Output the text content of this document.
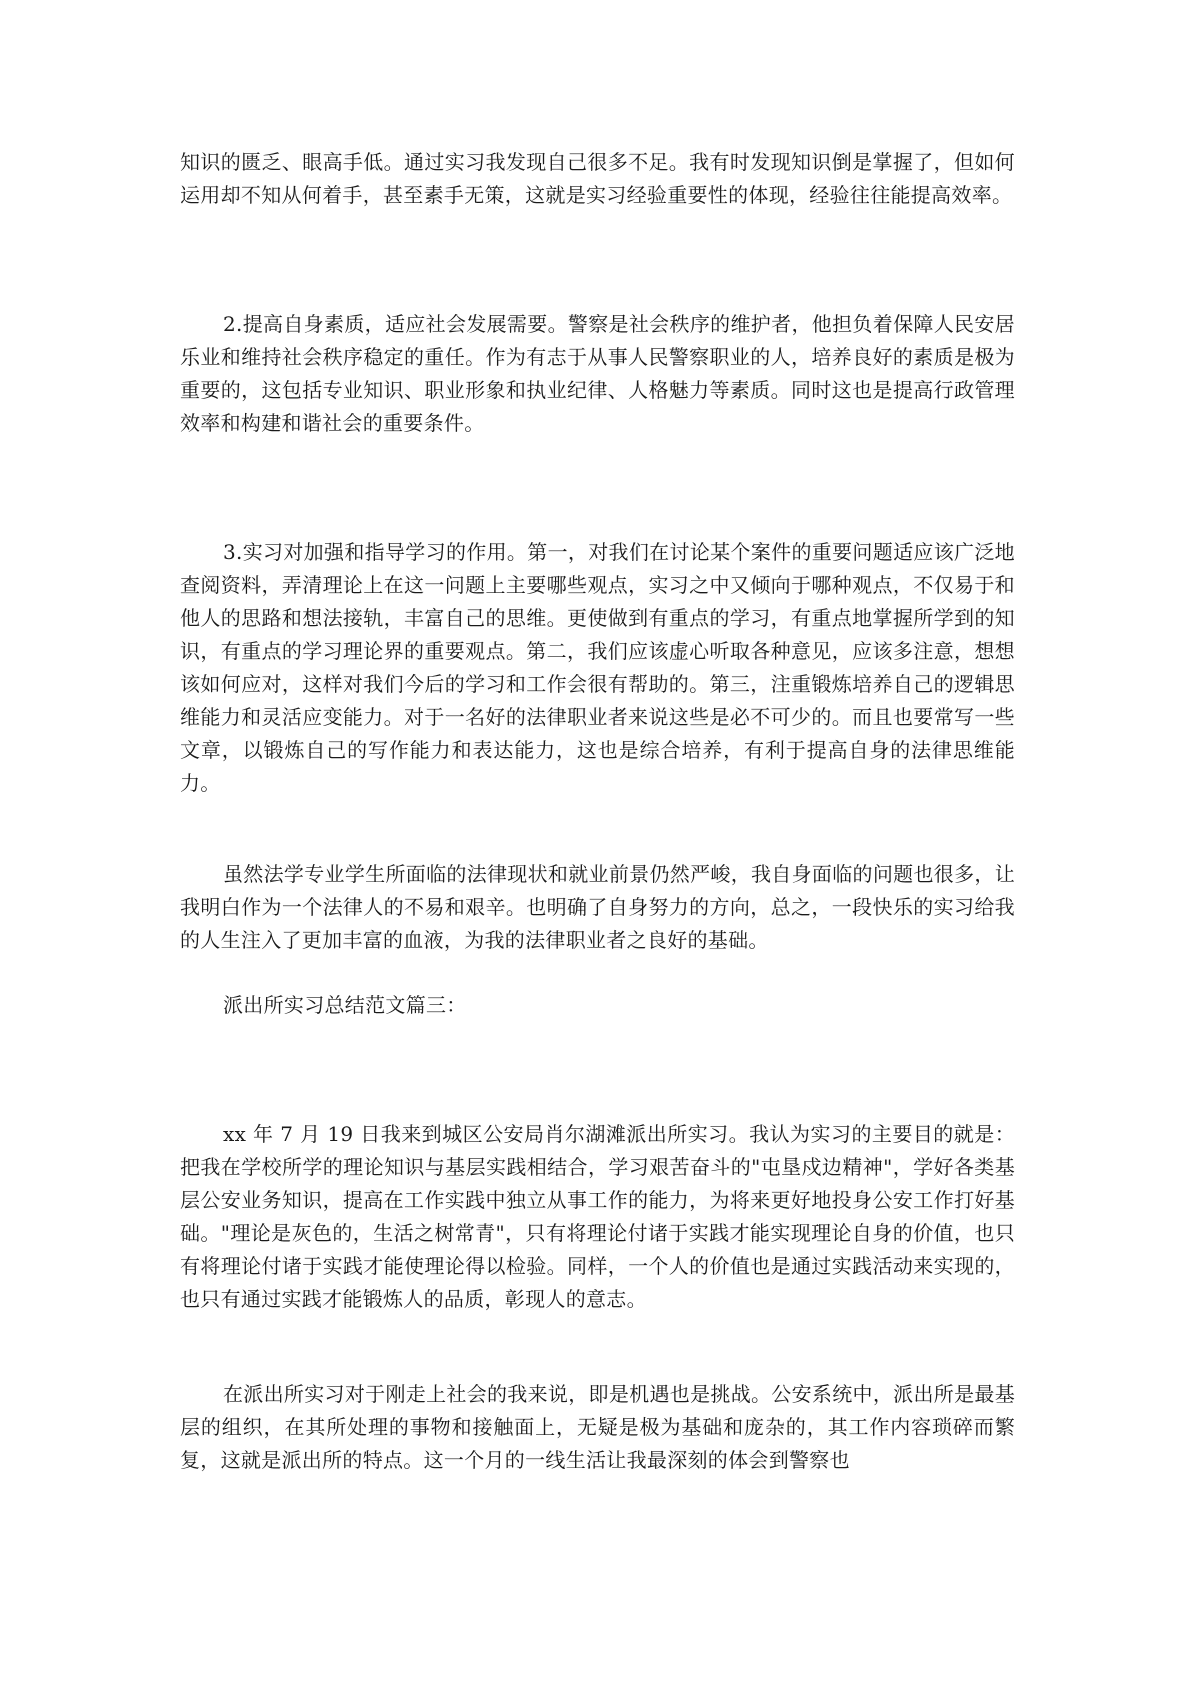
知识的匮乏、眼高手低。通过实习我发现自己很多不足。我有时发现知识倒是掌握了，但如何运用却不知从何着手，甚至素手无策，这就是实习经验重要性的体现，经验往往能提高效率。

2.提高自身素质，适应社会发展需要。警察是社会秩序的维护者，他担负着保障人民安居乐业和维持社会秩序稳定的重任。作为有志于从事人民警察职业的人，培养良好的素质是极为重要的，这包括专业知识、职业形象和执业纪律、人格魅力等素质。同时这也是提高行政管理效率和构建和谐社会的重要条件。

3.实习对加强和指导学习的作用。第一，对我们在讨论某个案件的重要问题适应该广泛地查阅资料，弄清理论上在这一问题上主要哪些观点，实习之中又倾向于哪种观点，不仅易于和他人的思路和想法接轨，丰富自己的思维。更使做到有重点的学习，有重点地掌握所学到的知识，有重点的学习理论界的重要观点。第二，我们应该虚心听取各种意见，应该多注意，想想该如何应对，这样对我们今后的学习和工作会很有帮助的。第三，注重锻炼培养自己的逻辑思维能力和灵活应变能力。对于一名好的法律职业者来说这些是必不可少的。而且也要常写一些文章，以锻炼自己的写作能力和表达能力，这也是综合培养，有利于提高自身的法律思维能力。

虽然法学专业学生所面临的法律现状和就业前景仍然严峻，我自身面临的问题也很多，让我明白作为一个法律人的不易和艰辛。也明确了自身努力的方向，总之，一段快乐的实习给我的人生注入了更加丰富的血液，为我的法律职业者之良好的基础。

派出所实习总结范文篇三：

xx 年 7 月 19 日我来到城区公安局肖尔湖滩派出所实习。我认为实习的主要目的就是：把我在学校所学的理论知识与基层实践相结合，学习艰苦奋斗的"屯垦戍边精神"，学好各类基层公安业务知识，提高在工作实践中独立从事工作的能力，为将来更好地投身公安工作打好基础。"理论是灰色的，生活之树常青"，只有将理论付诸于实践才能实现理论自身的价值，也只有将理论付诸于实践才能使理论得以检验。同样，一个人的价值也是通过实践活动来实现的，也只有通过实践才能锻炼人的品质，彰现人的意志。

在派出所实习对于刚走上社会的我来说，即是机遇也是挑战。公安系统中，派出所是最基层的组织，在其所处理的事物和接触面上，无疑是极为基础和庞杂的，其工作内容琐碎而繁复，这就是派出所的特点。这一个月的一线生活让我最深刻的体会到警察也
